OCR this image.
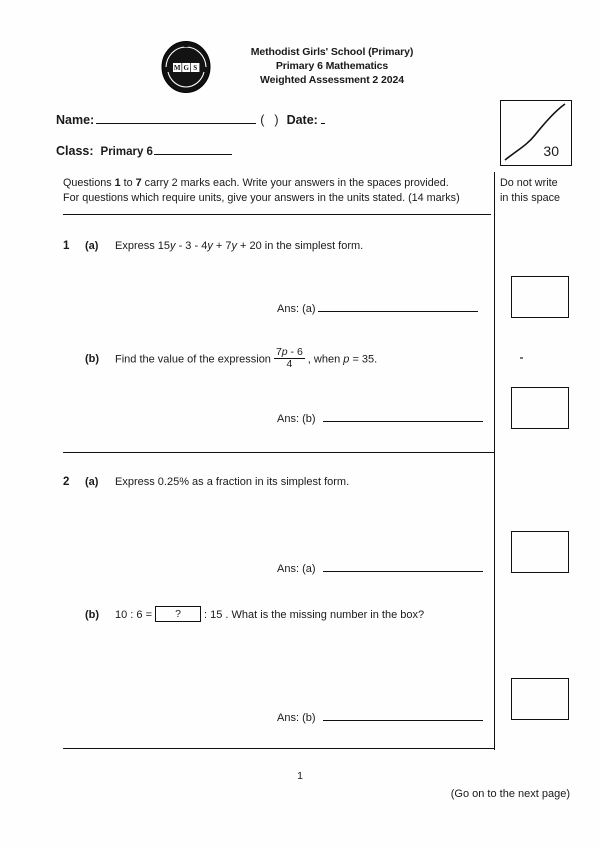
M G S
Methodist Girls' School (Primary)
Primary 6 Mathematics
Weighted Assessment 2 2024
Name:	( ) Date:
Class: Primary 6	30
Questions 1 to 7 carry 2 marks each. Write your answers in the spaces provided.
For questions which require units, give your answers in the units stated. (14 marks)
Do not write
in this space
1	(a)	Express 15y - 3 - 4y + 7y + 20 in the simplest form.
Ans: (a)
(b)	Find the value of the expression $\frac{7p - 6}{4}$ , when p = 35.
Ans: (b)
2	(a)	Express 0.25% as a fraction in its simplest form.
Ans: (a)
(b)	10 : 6 = ? : 15 . What is the missing number in the box?
Ans: (b)
1
(Go on to the next page)
